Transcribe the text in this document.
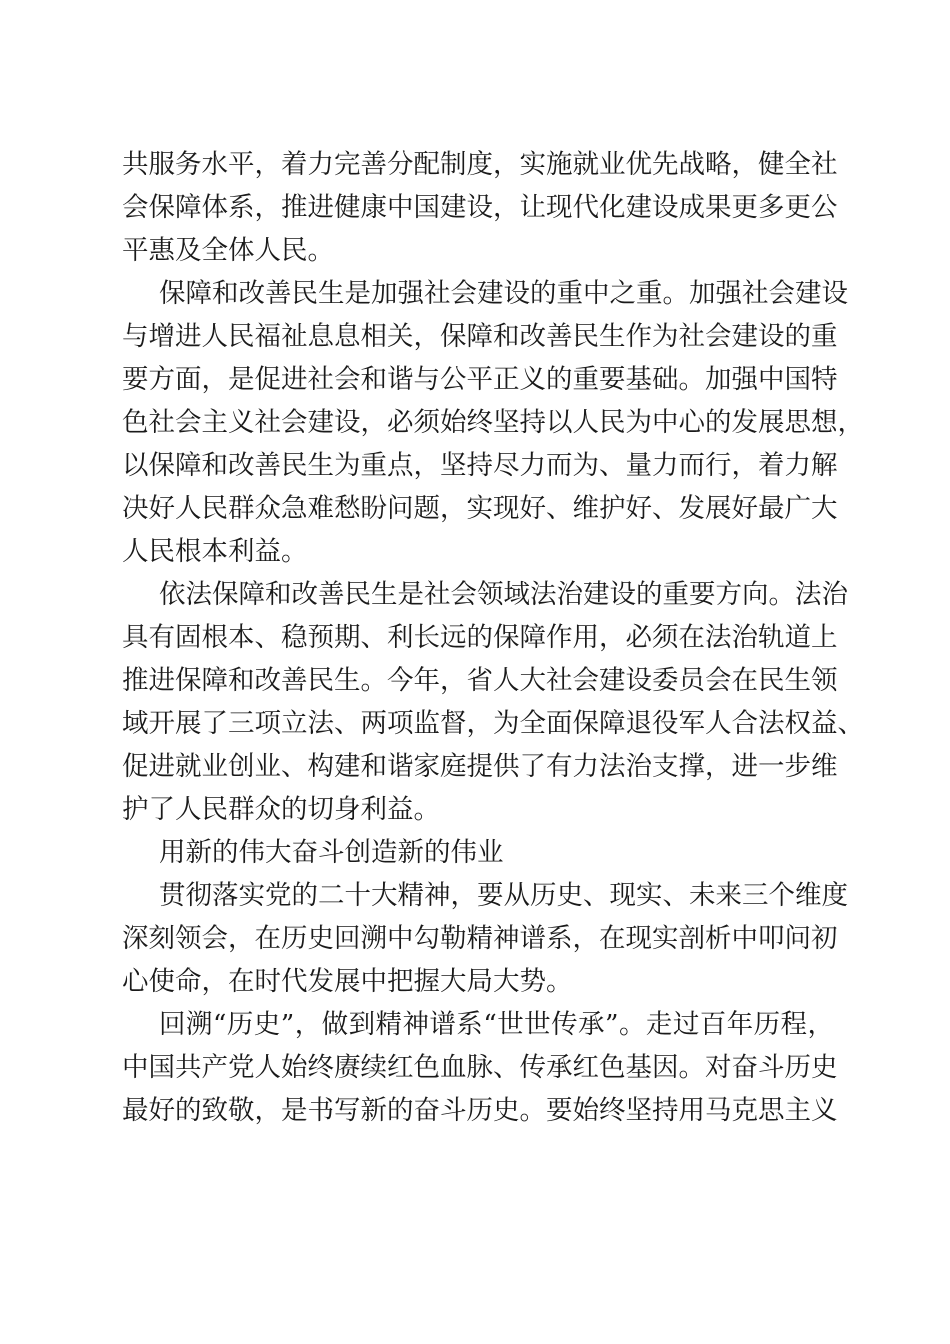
共服务水平，着力完善分配制度，实施就业优先战略，健全社
会保障体系，推进健康中国建设，让现代化建设成果更多更公
平惠及全体人民。
保障和改善民生是加强社会建设的重中之重。加强社会建设
与增进人民福祉息息相关，保障和改善民生作为社会建设的重
要方面，是促进社会和谐与公平正义的重要基础。加强中国特
色社会主义社会建设，必须始终坚持以人民为中心的发展思想，
以保障和改善民生为重点，坚持尽力而为、量力而行，着力解
决好人民群众急难愁盼问题，实现好、维护好、发展好最广大
人民根本利益。
依法保障和改善民生是社会领域法治建设的重要方向。法治
具有固根本、稳预期、利长远的保障作用，必须在法治轨道上
推进保障和改善民生。今年，省人大社会建设委员会在民生领
域开展了三项立法、两项监督，为全面保障退役军人合法权益、
促进就业创业、构建和谐家庭提供了有力法治支撑，进一步维
护了人民群众的切身利益。
用新的伟大奋斗创造新的伟业
贯彻落实党的二十大精神，要从历史、现实、未来三个维度
深刻领会，在历史回溯中勾勒精神谱系，在现实剖析中叩问初
心使命，在时代发展中把握大局大势。
回溯“历史”，做到精神谱系“世世传承”。走过百年历程，
中国共产党人始终赓续红色血脉、传承红色基因。对奋斗历史
最好的致敬，是书写新的奋斗历史。要始终坚持用马克思主义
